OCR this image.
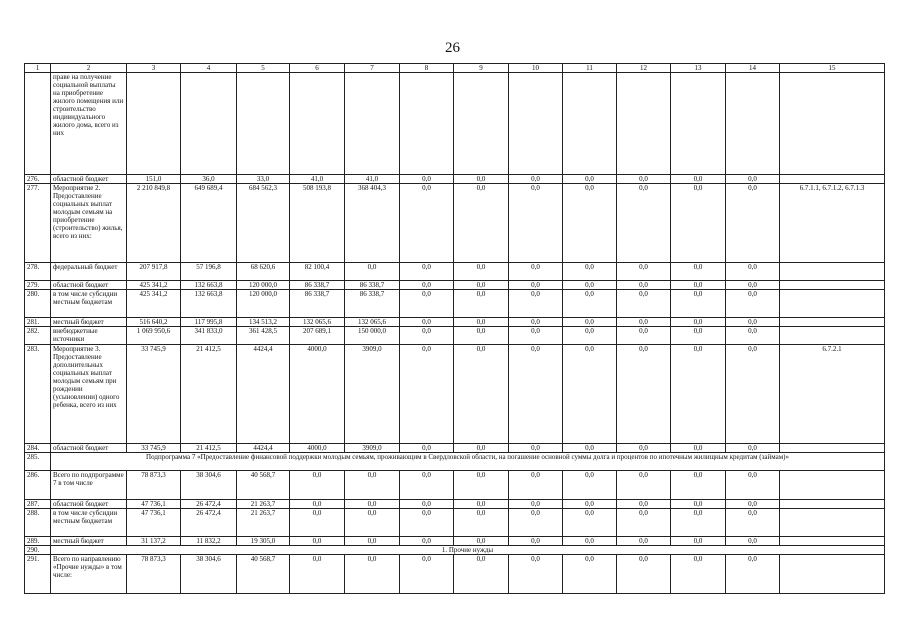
26
1	2	3	4	5	6	7	8	9	10	11	12	13	14	15
	праве на получение социальной выплаты на приобретение жилого помещения или строительство индивидуального жилого дома, всего из них													
276.	областной бюджет	151,0	36,0	33,0	41,0	41,0	0,0	0,0	0,0	0,0	0,0	0,0	0,0	
277.	Мероприятие 2. Предоставление социальных выплат молодым семьям на приобретение (строительство) жилья, всего из них:	2 210 849,8	649 689,4	684 562,3	508 193,8	368 404,3	0,0	0,0	0,0	0,0	0,0	0,0	0,0	6.7.1.1, 6.7.1.2, 6.7.1.3
278.	федеральный бюджет	207 917,8	57 196,8	68 620,6	82 100,4	0,0	0,0	0,0	0,0	0,0	0,0	0,0	0,0	
279.	областной бюджет	425 341,2	132 663,8	120 000,0	86 338,7	86 338,7	0,0	0,0	0,0	0,0	0,0	0,0	0,0	
280.	в том числе субсидии местным бюджетам	425 341,2	132 663,8	120 000,0	86 338,7	86 338,7	0,0	0,0	0,0	0,0	0,0	0,0	0,0	
281.	местный бюджет	516 640,2	117 995,8	134 513,2	132 065,6	132 065,6	0,0	0,0	0,0	0,0	0,0	0,0	0,0	
282.	внебюджетные источники	1 069 950,6	341 833,0	361 428,5	207 689,1	150 000,0	0,0	0,0	0,0	0,0	0,0	0,0	0,0	
283.	Мероприятие 3. Предоставление дополнительных социальных выплат молодым семьям при рождении (усыновлении) одного ребенка, всего из них	33 745,9	21 412,5	4424,4	4000,0	3909,0	0,0	0,0	0,0	0,0	0,0	0,0	0,0	6.7.2.1
284.	областной бюджет	33 745,9	21 412,5	4424,4	4000,0	3909,0	0,0	0,0	0,0	0,0	0,0	0,0	0,0	
285.	Подпрограмма 7 «Предоставление финансовой поддержки молодым семьям, проживающим в Свердловской области, на погашение основной суммы долга и процентов по ипотечным жилищным кредитам (займам)»													
286.	Всего по подпрограмме 7 в том числе	78 873,3	38 304,6	40 568,7	0,0	0,0	0,0	0,0	0,0	0,0	0,0	0,0	0,0	
287.	областной бюджет	47 736,1	26 472,4	21 263,7	0,0	0,0	0,0	0,0	0,0	0,0	0,0	0,0	0,0	
288.	в том числе субсидии местным бюджетам	47 736,1	26 472,4	21 263,7	0,0	0,0	0,0	0,0	0,0	0,0	0,0	0,0	0,0	
289.	местный бюджет	31 137,2	11 832,2	19 305,0	0,0	0,0	0,0	0,0	0,0	0,0	0,0	0,0	0,0	
290.	1. Прочие нужды													
291.	Всего по направлению «Прочие нужды» в том числе:	78 873,3	38 304,6	40 568,7	0,0	0,0	0,0	0,0	0,0	0,0	0,0	0,0	0,0	
